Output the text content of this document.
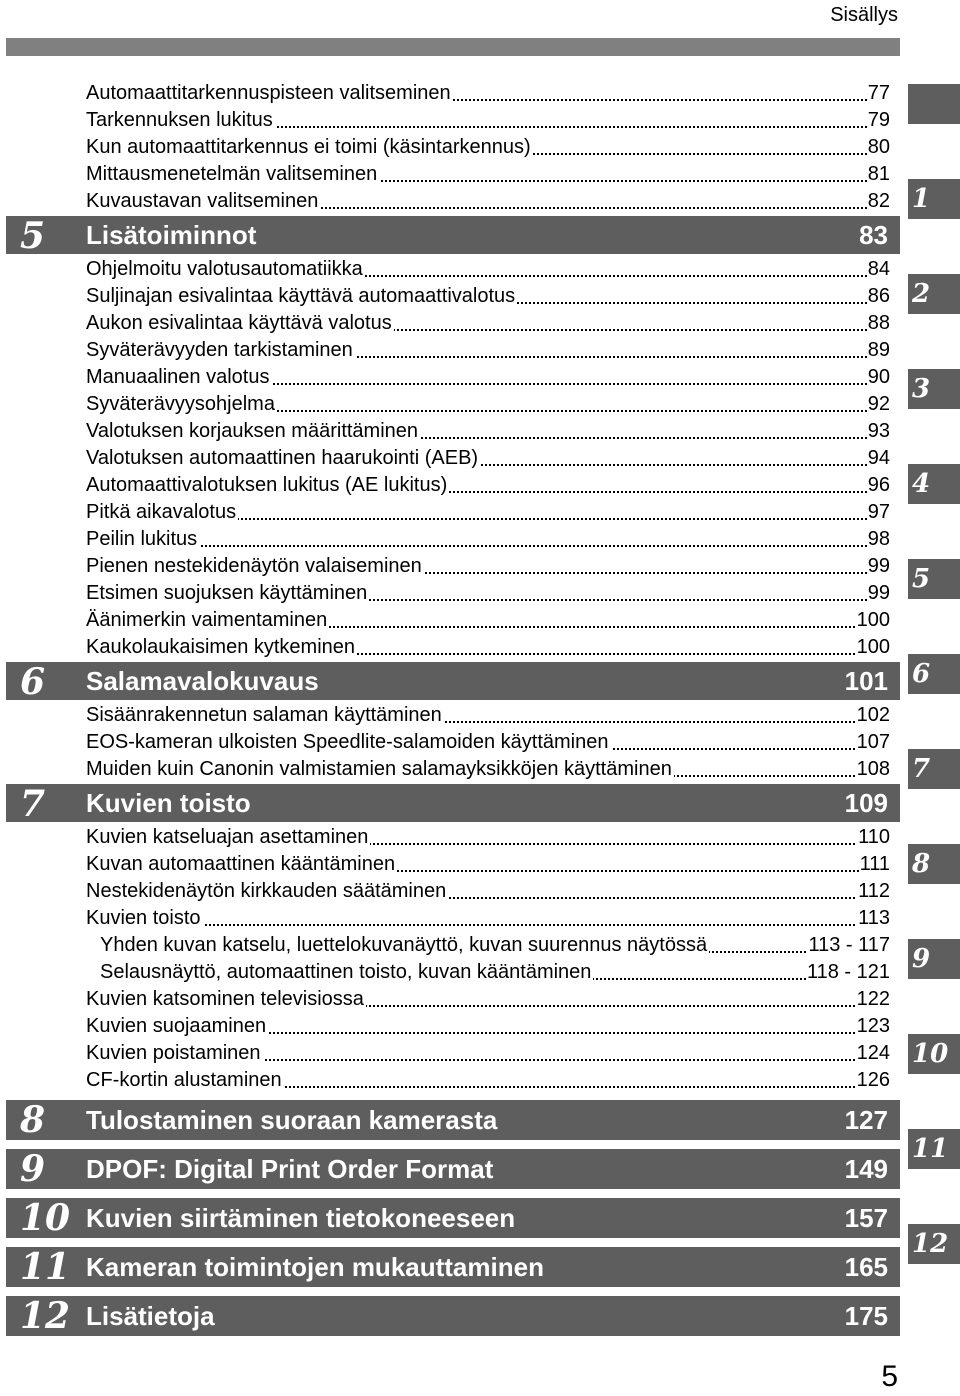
Sisällys
Automaattitarkennuspisteen valitseminen	77
Tarkennuksen lukitus	79
Kun automaattitarkennus ei toimi (käsintarkennus)	80
Mittausmenetelmän valitseminen	81
Kuvaustavan valitseminen	82
5	Lisätoiminnot	83
Ohjelmoitu valotusautomatiikka	84
Suljinajan esivalintaa käyttävä automaattivalotus	86
Aukon esivalintaa käyttävä valotus	88
Syväterävyyden tarkistaminen	89
Manuaalinen valotus	90
Syväterävyysohjelma	92
Valotuksen korjauksen määrittäminen	93
Valotuksen automaattinen haarukointi (AEB)	94
Automaattivalotuksen lukitus (AE lukitus)	96
Pitkä aikavalotus	97
Peilin lukitus	98
Pienen nestekidenäytön valaiseminen	99
Etsimen suojuksen käyttäminen	99
Äänimerkin vaimentaminen	100
Kaukolaukaisimen kytkeminen	100
6	Salamavalokuvaus	101
Sisäänrakennetun salaman käyttäminen	102
EOS-kameran ulkoisten Speedlite-salamoiden käyttäminen	107
Muiden kuin Canonin valmistamien salamayksikköjen käyttäminen	108
7	Kuvien toisto	109
Kuvien katseluajan asettaminen	110
Kuvan automaattinen kääntäminen	111
Nestekidenäytön kirkkauden säätäminen	112
Kuvien toisto	113
Yhden kuvan katselu, luettelokuvanäyttö, kuvan suurennus näytössä	113 - 117
Selausnäyttö, automaattinen toisto, kuvan kääntäminen	118 - 121
Kuvien katsominen televisiossa	122
Kuvien suojaaminen	123
Kuvien poistaminen	124
CF-kortin alustaminen	126
8	Tulostaminen suoraan kamerasta	127
9	DPOF: Digital Print Order Format	149
10 Kuvien siirtäminen tietokoneeseen	157
11 Kameran toimintojen mukauttaminen	165
12 Lisätietoja	175
1
2
3
4
5
6
7
8
9
10
11
12
5
